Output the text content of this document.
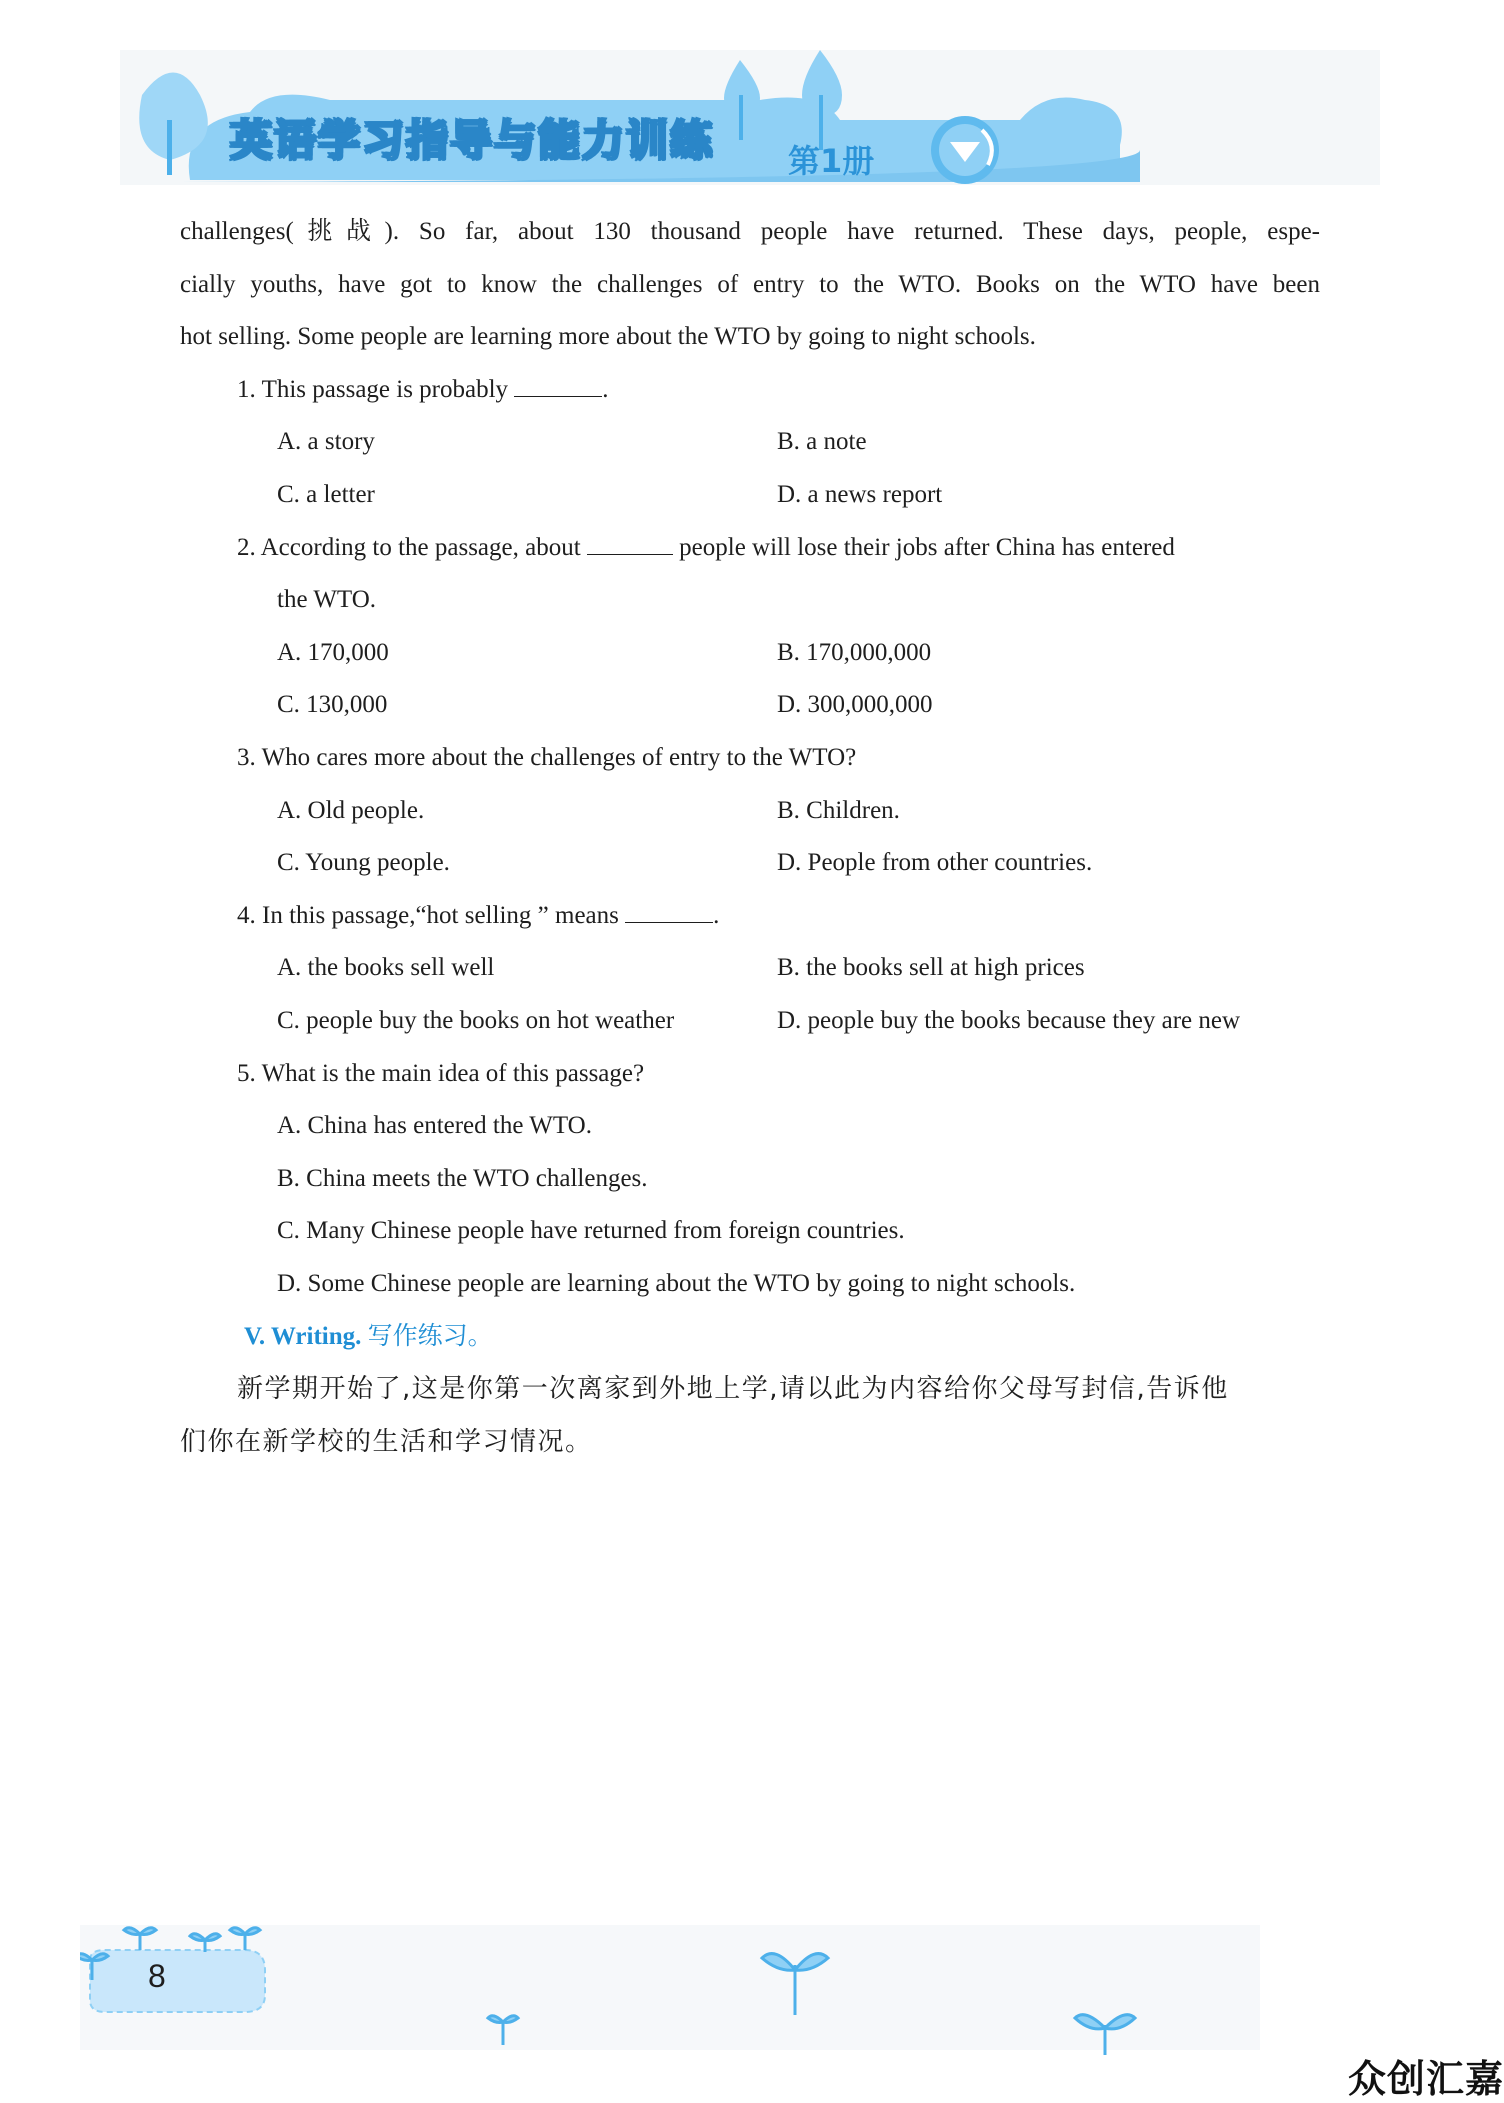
英语学习指导与能力训练 第1册
challenges(挑战). So far, about 130 thousand people have returned. These days, people, espe-
cially youths, have got to know the challenges of entry to the WTO. Books on the WTO have been
hot selling. Some people are learning more about the WTO by going to night schools.
1. This passage is probably	.
A. a story	B. a note
C. a letter	D. a news report
2. According to the passage, about	people will lose their jobs after China has entered
the WTO.
A. 170,000	B. 170,000,000
C. 130,000	D. 300,000,000
3. Who cares more about the challenges of entry to the WTO?
A. Old people.	B. Children.
C. Young people.	D. People from other countries.
4. In this passage,“hot selling ” means	.
A. the books sell well	B. the books sell at high prices
C. people buy the books on hot weather	D. people buy the books because they are new
5. What is the main idea of this passage?
A. China has entered the WTO.
B. China meets the WTO challenges.
C. Many Chinese people have returned from foreign countries.
D. Some Chinese people are learning about the WTO by going to night schools.
V. Writing. 写作练习。
新学期开始了,这是你第一次离家到外地上学,请以此为内容给你父母写封信,告诉他
们你在新学校的生活和学习情况。
8
众创汇嘉
